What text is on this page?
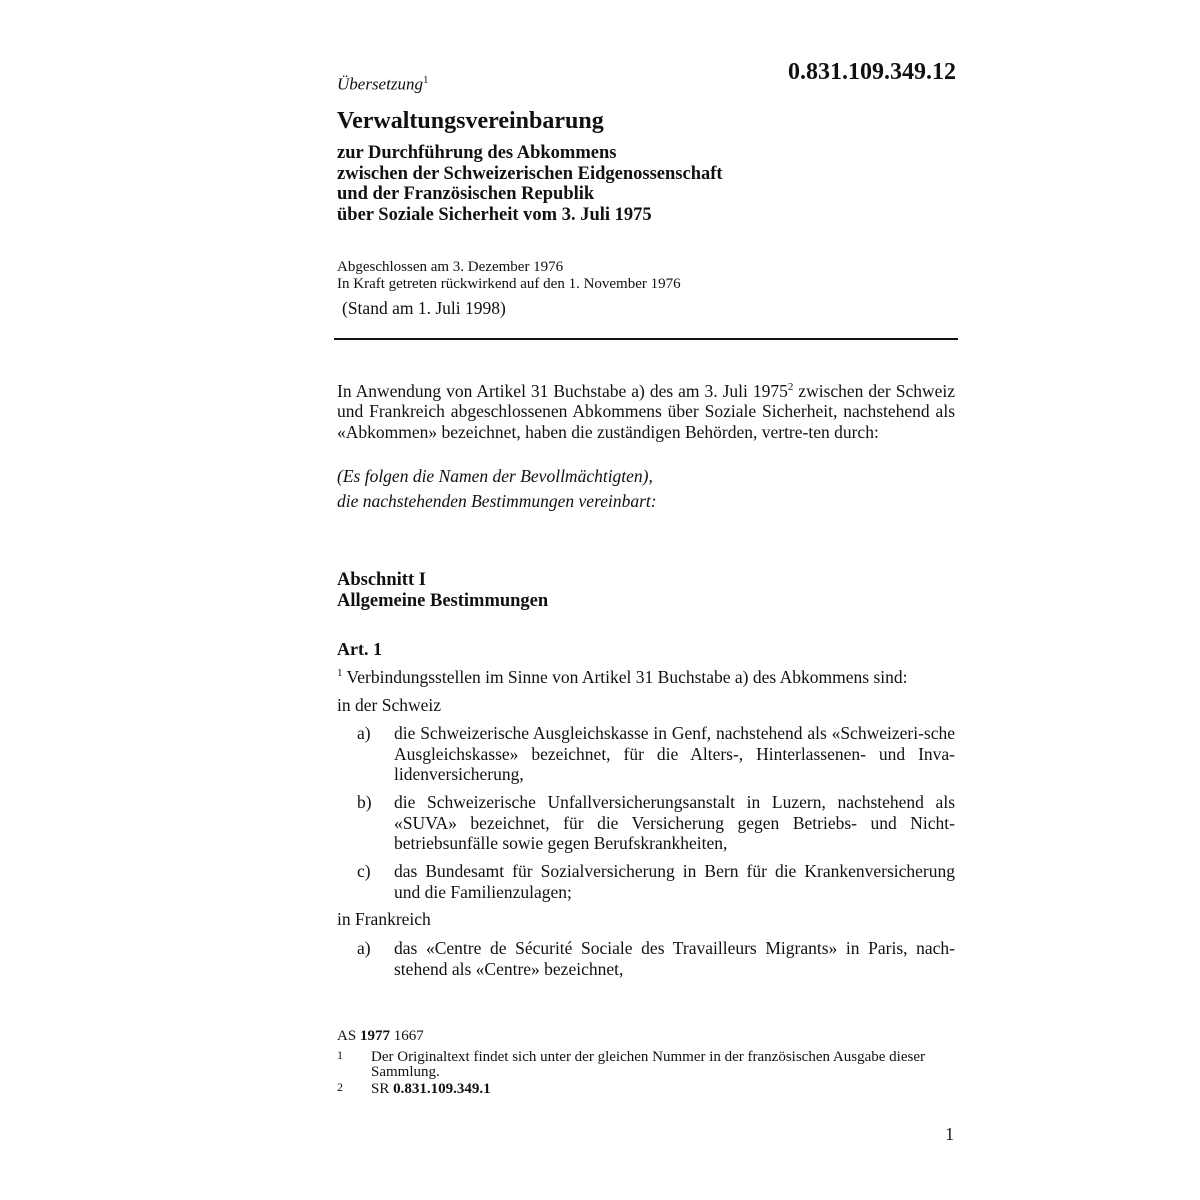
Übersetzung$^1$	0.831.109.349.12
Verwaltungsvereinbarung
zur Durchführung des Abkommens
zwischen der Schweizerischen Eidgenossenschaft
und der Französischen Republik
über Soziale Sicherheit vom 3. Juli 1975
Abgeschlossen am 3. Dezember 1976
In Kraft getreten rückwirkend auf den 1. November 1976
(Stand am 1. Juli 1998)
In Anwendung von Artikel 31 Buchstabe a) des am 3. Juli 1975$^2$ zwischen der Schweiz und Frankreich abgeschlossenen Abkommens über Soziale Sicherheit, nachstehend als «Abkommen» bezeichnet, haben die zuständigen Behörden, vertre-ten durch:
(Es folgen die Namen der Bevollmächtigten),
die nachstehenden Bestimmungen vereinbart:
Abschnitt I
Allgemeine Bestimmungen
Art. 1
$^1$ Verbindungsstellen im Sinne von Artikel 31 Buchstabe a) des Abkommens sind:
in der Schweiz
a) die Schweizerische Ausgleichskasse in Genf, nachstehend als «Schweizeri-sche Ausgleichskasse» bezeichnet, für die Alters-, Hinterlassenen- und Inva-lidenversicherung,
b) die Schweizerische Unfallversicherungsanstalt in Luzern, nachstehend als «SUVA» bezeichnet, für die Versicherung gegen Betriebs- und Nicht-betriebsunfälle sowie gegen Berufskrankheiten,
c) das Bundesamt für Sozialversicherung in Bern für die Krankenversicherung und die Familienzulagen;
in Frankreich
a) das «Centre de Sécurité Sociale des Travailleurs Migrants» in Paris, nach-stehend als «Centre» bezeichnet,
AS 1977 1667
1 Der Originaltext findet sich unter der gleichen Nummer in der französischen Ausgabe dieser Sammlung.
2 SR 0.831.109.349.1
1
